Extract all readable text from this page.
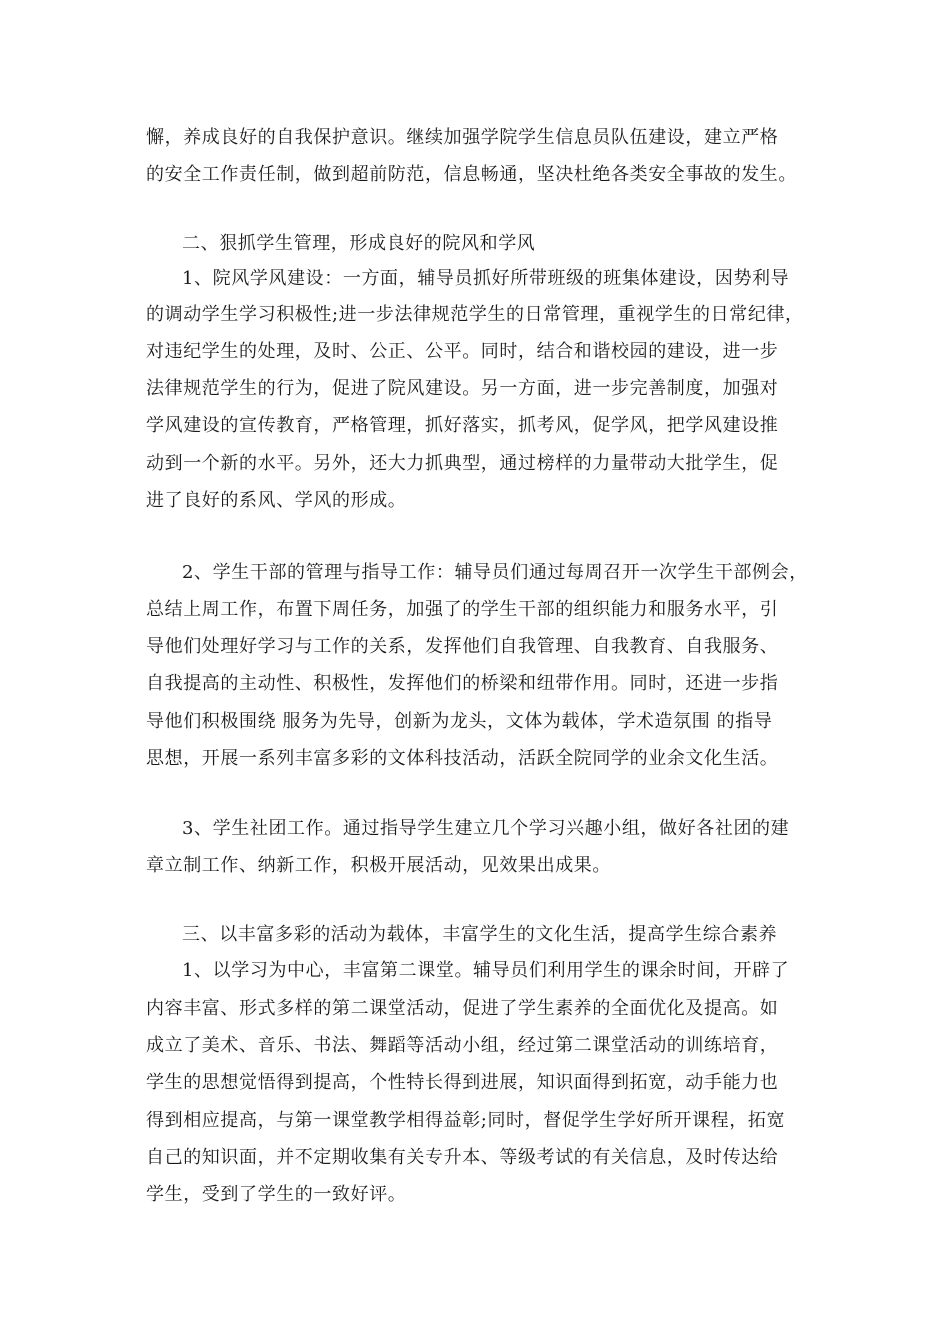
懈，养成良好的自我保护意识。继续加强学院学生信息员队伍建设，建立严格
的安全工作责任制，做到超前防范，信息畅通，坚决杜绝各类安全事故的发生。
二、狠抓学生管理，形成良好的院风和学风
1、院风学风建设：一方面，辅导员抓好所带班级的班集体建设，因势利导
的调动学生学习积极性;进一步法律规范学生的日常管理，重视学生的日常纪律，
对违纪学生的处理，及时、公正、公平。同时，结合和谐校园的建设，进一步
法律规范学生的行为，促进了院风建设。另一方面，进一步完善制度，加强对
学风建设的宣传教育，严格管理，抓好落实，抓考风，促学风，把学风建设推
动到一个新的水平。另外，还大力抓典型，通过榜样的力量带动大批学生，促
进了良好的系风、学风的形成。
2、学生干部的管理与指导工作：辅导员们通过每周召开一次学生干部例会，
总结上周工作，布置下周任务，加强了的学生干部的组织能力和服务水平，引
导他们处理好学习与工作的关系，发挥他们自我管理、自我教育、自我服务、
自我提高的主动性、积极性，发挥他们的桥梁和纽带作用。同时，还进一步指
导他们积极围绕 服务为先导，创新为龙头，文体为载体，学术造氛围 的指导
思想，开展一系列丰富多彩的文体科技活动，活跃全院同学的业余文化生活。
3、学生社团工作。通过指导学生建立几个学习兴趣小组，做好各社团的建
章立制工作、纳新工作，积极开展活动，见效果出成果。
三、以丰富多彩的活动为载体，丰富学生的文化生活，提高学生综合素养
1、以学习为中心，丰富第二课堂。辅导员们利用学生的课余时间，开辟了
内容丰富、形式多样的第二课堂活动，促进了学生素养的全面优化及提高。如
成立了美术、音乐、书法、舞蹈等活动小组，经过第二课堂活动的训练培育，
学生的思想觉悟得到提高，个性特长得到进展，知识面得到拓宽，动手能力也
得到相应提高，与第一课堂教学相得益彰;同时，督促学生学好所开课程，拓宽
自己的知识面，并不定期收集有关专升本、等级考试的有关信息，及时传达给
学生，受到了学生的一致好评。
